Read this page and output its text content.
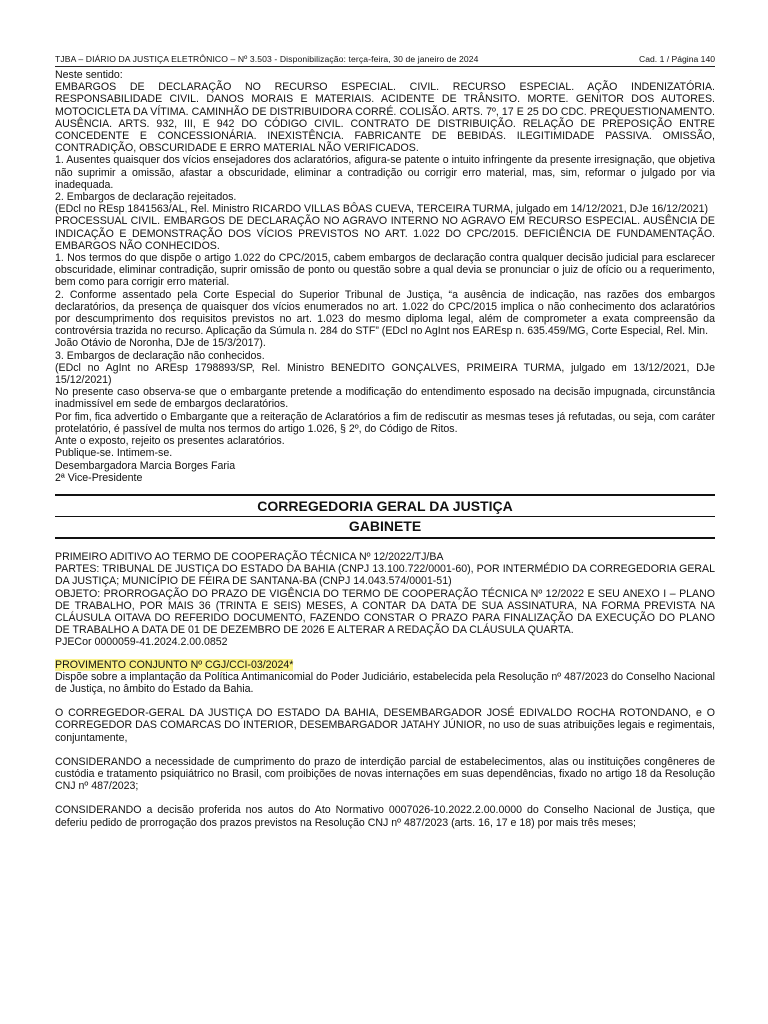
TJBA – DIÁRIO DA JUSTIÇA ELETRÔNICO – Nº 3.503 - Disponibilização: terça-feira, 30 de janeiro de 2024	Cad. 1 / Página 140

Neste sentido:

EMBARGOS DE DECLARAÇÃO NO RECURSO ESPECIAL. CIVIL. RECURSO ESPECIAL. AÇÃO INDENIZATÓRIA. RESPONSABILIDADE CIVIL. DANOS MORAIS E MATERIAIS. ACIDENTE DE TRÂNSITO. MORTE. GENITOR DOS AUTORES. MOTOCICLETA DA VÍTIMA. CAMINHÃO DE DISTRIBUIDORA CORRÉ. COLISÃO. ARTS. 7º, 17 E 25 DO CDC. PREQUESTIONAMENTO. AUSÊNCIA. ARTS. 932, III, E 942 DO CÓDIGO CIVIL. CONTRATO DE DISTRIBUIÇÃO. RELAÇÃO DE PREPOSIÇÃO ENTRE CONCEDENTE E CONCESSIONÁRIA. INEXISTÊNCIA. FABRICANTE DE BEBIDAS. ILEGITIMIDADE PASSIVA. OMISSÃO, CONTRADIÇÃO, OBSCURIDADE E ERRO MATERIAL NÃO VERIFICADOS.

1. Ausentes quaisquer dos vícios ensejadores dos aclaratórios, afigura-se patente o intuito infringente da presente irresignação, que objetiva não suprimir a omissão, afastar a obscuridade, eliminar a contradição ou corrigir erro material, mas, sim, reformar o julgado por via inadequada.

2. Embargos de declaração rejeitados.

(EDcl no REsp 1841563/AL, Rel. Ministro RICARDO VILLAS BÔAS CUEVA, TERCEIRA TURMA, julgado em 14/12/2021, DJe 16/12/2021)

PROCESSUAL CIVIL. EMBARGOS DE DECLARAÇÃO NO AGRAVO INTERNO NO AGRAVO EM RECURSO ESPECIAL. AUSÊNCIA DE INDICAÇÃO E DEMONSTRAÇÃO DOS VÍCIOS PREVISTOS NO ART. 1.022 DO CPC/2015. DEFICIÊNCIA DE FUNDAMENTAÇÃO. EMBARGOS NÃO CONHECIDOS.

1. Nos termos do que dispõe o artigo 1.022 do CPC/2015, cabem embargos de declaração contra qualquer decisão judicial para esclarecer obscuridade, eliminar contradição, suprir omissão de ponto ou questão sobre a qual devia se pronunciar o juiz de ofício ou a requerimento, bem como para corrigir erro material.

2. Conforme assentado pela Corte Especial do Superior Tribunal de Justiça, “a ausência de indicação, nas razões dos embargos declaratórios, da presença de quaisquer dos vícios enumerados no art. 1.022 do CPC/2015 implica o não conhecimento dos aclaratórios por descumprimento dos requisitos previstos no art. 1.023 do mesmo diploma legal, além de comprometer a exata compreensão da controvérsia trazida no recurso. Aplicação da Súmula n. 284 do STF” (EDcl no AgInt nos EAREsp n. 635.459/MG, Corte Especial, Rel. Min.

João Otávio de Noronha, DJe de 15/3/2017).

3. Embargos de declaração não conhecidos.

(EDcl no AgInt no AREsp 1798893/SP, Rel. Ministro BENEDITO GONÇALVES, PRIMEIRA TURMA, julgado em 13/12/2021, DJe 15/12/2021)

No presente caso observa-se que o embargante pretende a modificação do entendimento esposado na decisão impugnada, circunstância inadmissível em sede de embargos declaratórios.

Por fim, fica advertido o Embargante que a reiteração de Aclaratórios a fim de rediscutir as mesmas teses já refutadas, ou seja, com caráter protelatório, é passível de multa nos termos do artigo 1.026, § 2º, do Código de Ritos.

Ante o exposto, rejeito os presentes aclaratórios.

Publique-se. Intimem-se.

Desembargadora Marcia Borges Faria

2ª Vice-Presidente

CORREGEDORIA GERAL DA JUSTIÇA
GABINETE

PRIMEIRO ADITIVO AO TERMO DE COOPERAÇÃO TÉCNICA Nº 12/2022/TJ/BA

PARTES: TRIBUNAL DE JUSTIÇA DO ESTADO DA BAHIA (CNPJ 13.100.722/0001-60), POR INTERMÉDIO DA CORREGEDORIA GERAL DA JUSTIÇA; MUNICÍPIO DE FEIRA DE SANTANA-BA (CNPJ 14.043.574/0001-51)

OBJETO: PRORROGAÇÃO DO PRAZO DE VIGÊNCIA DO TERMO DE COOPERAÇÃO TÉCNICA Nº 12/2022 E SEU ANEXO I – PLANO DE TRABALHO, POR MAIS 36 (TRINTA E SEIS) MESES, A CONTAR DA DATA DE SUA ASSINATURA, NA FORMA PREVISTA NA CLÁUSULA OITAVA DO REFERIDO DOCUMENTO, FAZENDO CONSTAR O PRAZO PARA FINALIZAÇÃO DA EXECUÇÃO DO PLANO DE TRABALHO A DATA DE 01 DE DEZEMBRO DE 2026 E ALTERAR A REDAÇÃO DA CLÁUSULA QUARTA.

PJECor 0000059-41.2024.2.00.0852

PROVIMENTO CONJUNTO Nº CGJ/CCI-03/2024*

Dispõe sobre a implantação da Política Antimanicomial do Poder Judiciário, estabelecida pela Resolução nº 487/2023 do Conselho Nacional de Justiça, no âmbito do Estado da Bahia.

O CORREGEDOR-GERAL DA JUSTIÇA DO ESTADO DA BAHIA, DESEMBARGADOR JOSÉ EDIVALDO ROCHA ROTONDANO, e O CORREGEDOR DAS COMARCAS DO INTERIOR, DESEMBARGADOR JATAHY JÚNIOR, no uso de suas atribuições legais e regimentais, conjuntamente,

CONSIDERANDO a necessidade de cumprimento do prazo de interdição parcial de estabelecimentos, alas ou instituições congêneres de custódia e tratamento psiquiátrico no Brasil, com proibições de novas internações em suas dependências, fixado no artigo 18 da Resolução CNJ nº 487/2023;

CONSIDERANDO a decisão proferida nos autos do Ato Normativo 0007026-10.2022.2.00.0000 do Conselho Nacional de Justiça, que deferiu pedido de prorrogação dos prazos previstos na Resolução CNJ nº 487/2023 (arts. 16, 17 e 18) por mais três meses;
